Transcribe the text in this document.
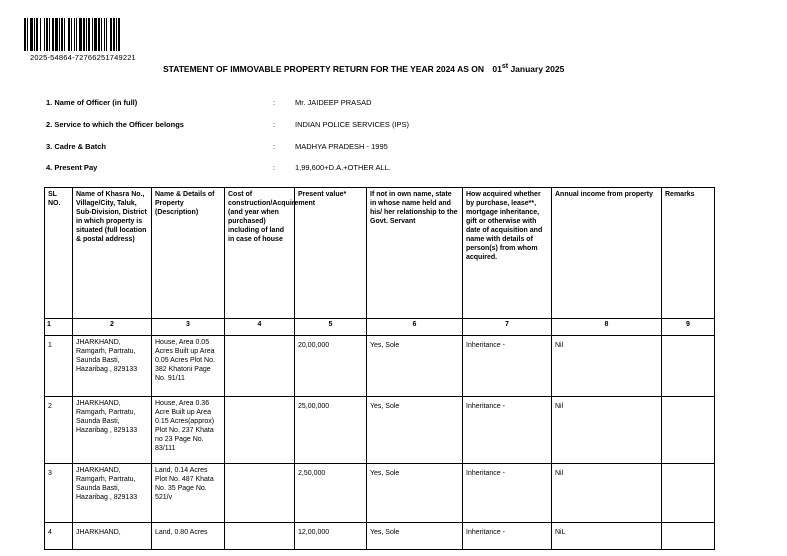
2025-54864-72766251749221
STATEMENT OF IMMOVABLE PROPERTY RETURN FOR THE YEAR 2024 AS ON 01st January 2025
1. Name of Officer (in full)	:	Mr. JAIDEEP PRASAD
2. Service to which the Officer belongs	:	INDIAN POLICE SERVICES (IPS)
3. Cadre & Batch	:	MADHYA PRADESH - 1995
4. Present Pay	:	1,99,600+D.A.+OTHER ALL.
SL NO.	Name of Khasra No., Village/City, Taluk, Sub-Division, District in which property is situated (full location & postal address)	Name & Details of Property (Description)	Cost of construction/Acquirement (and year when purchased) including of land in case of house	Present value*	If not in own name, state in whose name held and his/ her relationship to the Govt. Servant	How acquired whether by purchase, lease**, mortgage inheritance, gift or otherwise with date of acquisition and name with details of person(s) from whom acquired.	Annual income from property	Remarks
1	2	3	4	5	6	7	8	9
1	JHARKHAND, Ramgarh, Partratu, Saunda Basti, Hazaribag , 829133	House, Area 0.05 Acres Built up Area 0.05 Acres Plot No. 382 Khatoni Page No. 91/11		20,00,000	Yes, Sole	Inheritance -	Nil	
2	JHARKHAND, Ramgarh, Partratu, Saunda Basti, Hazaribag , 829133	House, Area 0.36 Acre Built up Area 0.15 Acres(approx) Plot No. 237 Khata no 23 Page No. 83/111		25,00,000	Yes, Sole	Inheritance -	Nil	
3	JHARKHAND, Ramgarh, Partratu, Saunda Basti, Hazaribag , 829133	Land, 0.14 Acres Plot No. 487 Khata No. 35 Page No. 521/v		2,50,000	Yes, Sole	Inheritance -	Nil	
4	JHARKHAND,	Land, 0.80 Acres		12,00,000	Yes, Sole	Inheritance -	NiL	
